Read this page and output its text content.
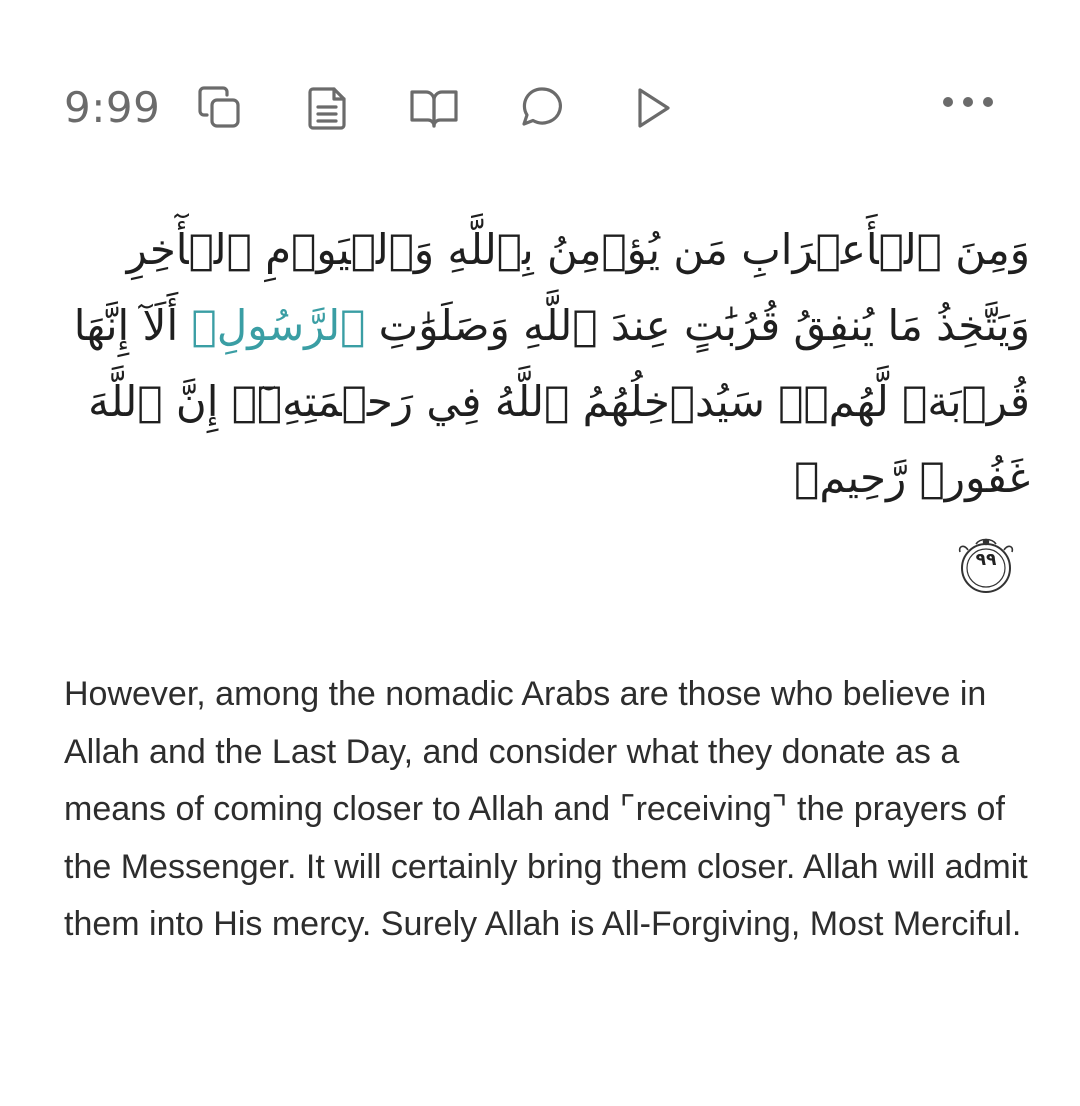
9:99
وَمِنَ ٱلۡأَعۡرَابِ مَن يُؤۡمِنُ بِٱللَّهِ وَٱلۡيَوۡمِ ٱلۡأٓخِرِ وَيَتَّخِذُ مَا يُنفِقُ قُرُبَٰتٍ عِندَ ٱللَّهِ وَصَلَوَٰتِ ٱلرَّسُولِۚ أَلَآ إِنَّهَا قُرۡبَةٞ لَّهُمۡۚ سَيُدۡخِلُهُمُ ٱللَّهُ فِي رَحۡمَتِهِۦٓۚ إِنَّ ٱللَّهَ غَفُورٞ رَّحِيمٞ
٩٩
However, among the nomadic Arabs are those who believe in Allah and the Last Day, and consider what they donate as a means of coming closer to Allah and ⌜receiving⌝ the prayers of the Messenger. It will certainly bring them closer. Allah will admit them into His mercy. Surely Allah is All-Forgiving, Most Merciful.
